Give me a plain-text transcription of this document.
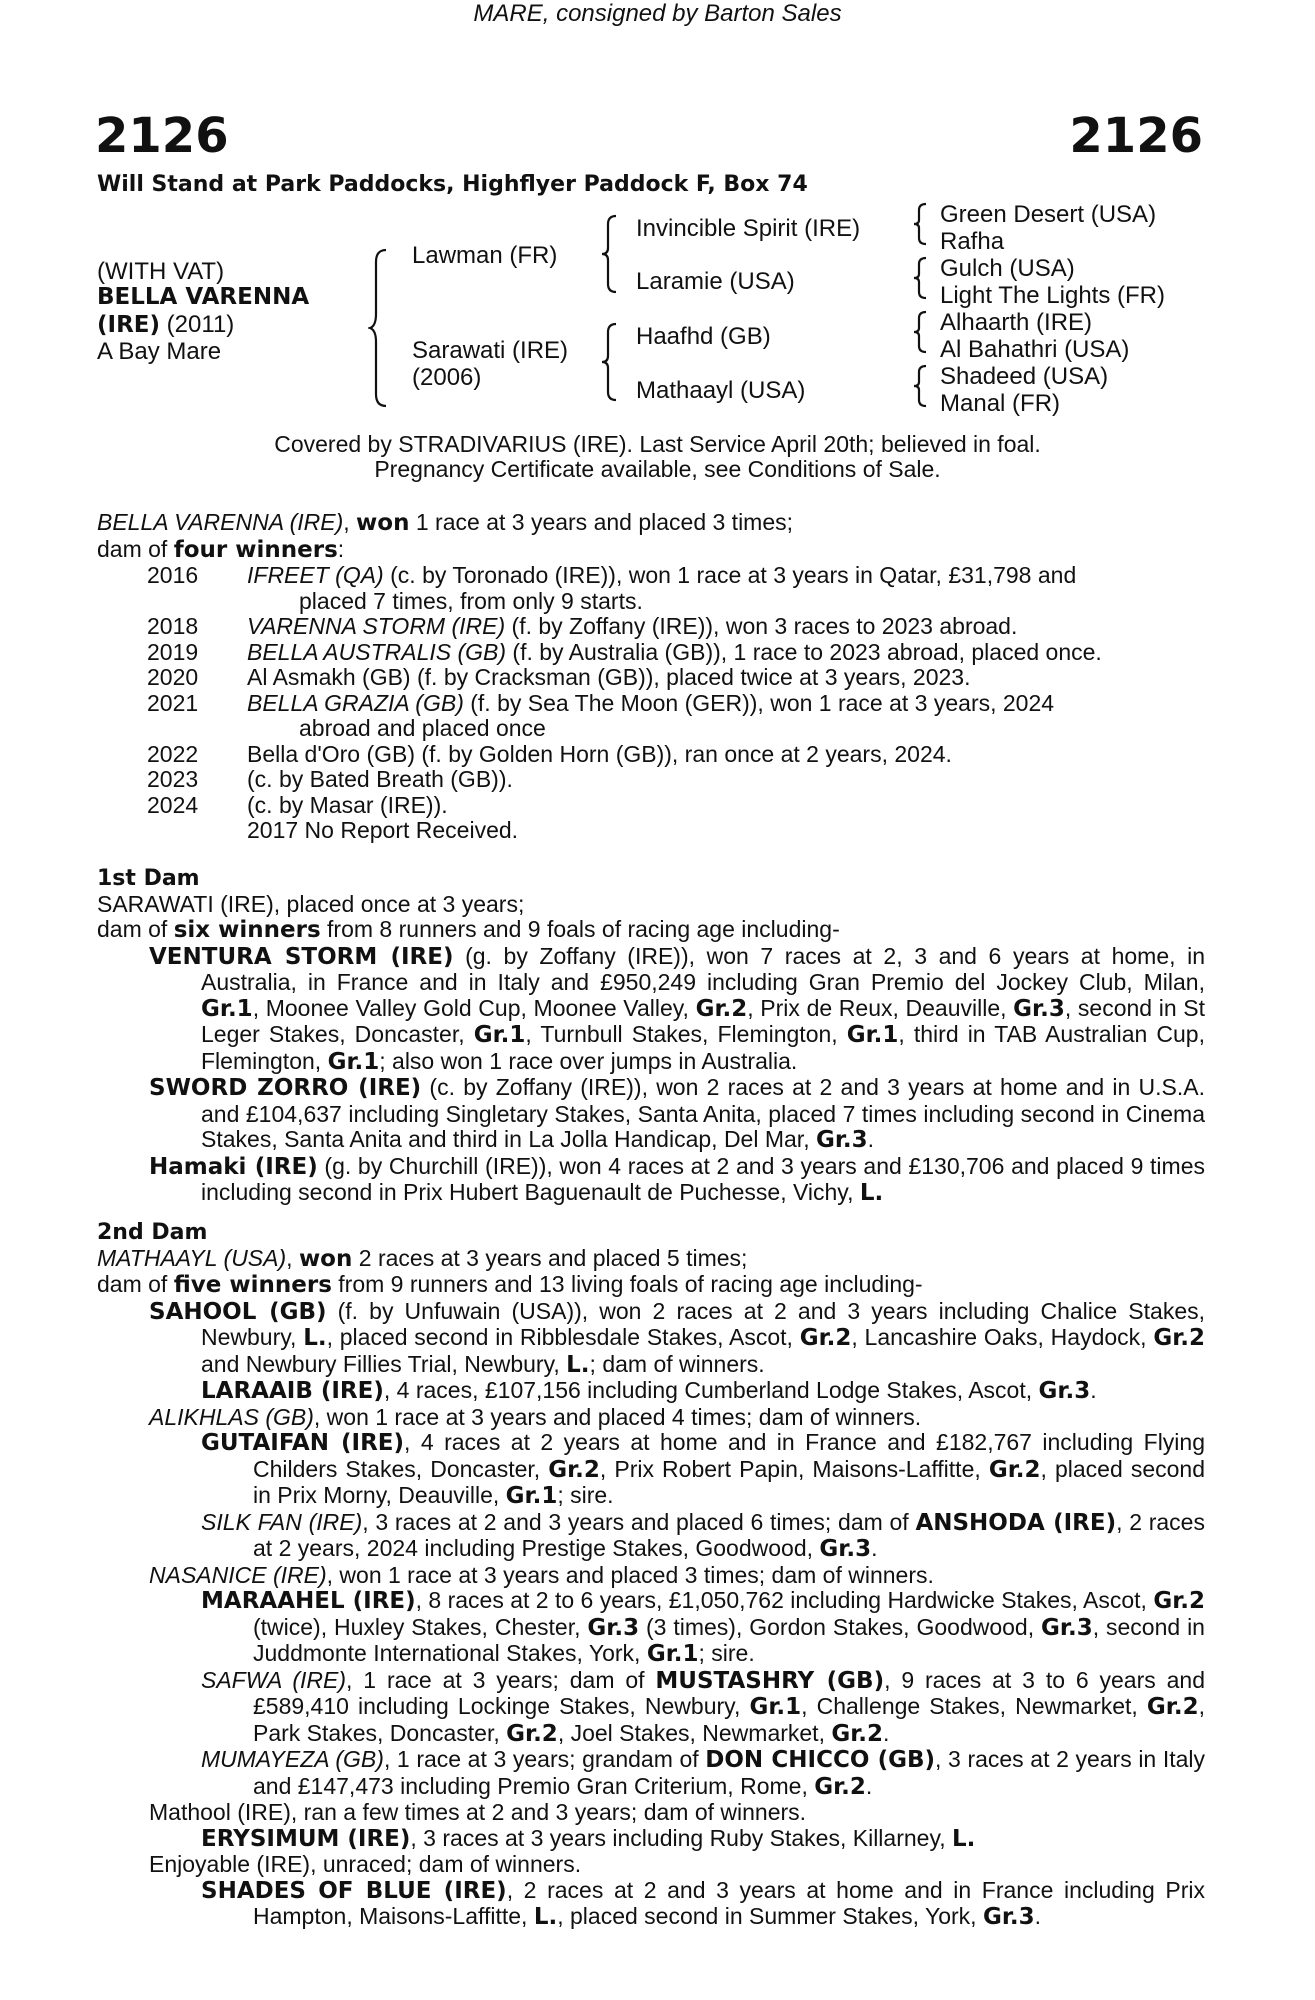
MARE, consigned by Barton Sales
2126	2126
Will Stand at Park Paddocks, Highflyer Paddock F, Box 74
(WITH VAT)
BELLA VARENNA
(IRE) (2011)
A Bay Mare
Lawman (FR)
Sarawati (IRE)
(2006)
Invincible Spirit (IRE)
Laramie (USA)
Haafhd (GB)
Mathaayl (USA)
Green Desert (USA)
Rafha
Gulch (USA)
Light The Lights (FR)
Alhaarth (IRE)
Al Bahathri (USA)
Shadeed (USA)
Manal (FR)
Covered by STRADIVARIUS (IRE). Last Service April 20th; believed in foal.
Pregnancy Certificate available, see Conditions of Sale.

BELLA VARENNA (IRE), won 1 race at 3 years and placed 3 times;

dam of four winners:

2016	IFREET (QA) (c. by Toronado (IRE)), won 1 race at 3 years in Qatar, £31,798 and
placed 7 times, from only 9 starts.
2018	VARENNA STORM (IRE) (f. by Zoffany (IRE)), won 3 races to 2023 abroad.
2019	BELLA AUSTRALIS (GB) (f. by Australia (GB)), 1 race to 2023 abroad, placed once.
2020	Al Asmakh (GB) (f. by Cracksman (GB)), placed twice at 3 years, 2023.
2021	BELLA GRAZIA (GB) (f. by Sea The Moon (GER)), won 1 race at 3 years, 2024
abroad and placed once
2022	Bella d'Oro (GB) (f. by Golden Horn (GB)), ran once at 2 years, 2024.
2023	(c. by Bated Breath (GB)).
2024	(c. by Masar (IRE)).
2017 No Report Received.

1st Dam

SARAWATI (IRE), placed once at 3 years;

dam of six winners from 8 runners and 9 foals of racing age including-

VENTURA STORM (IRE) (g. by Zoffany (IRE)), won 7 races at 2, 3 and 6 years at home, in Australia, in France and in Italy and £950,249 including Gran Premio del Jockey Club, Milan, Gr.1, Moonee Valley Gold Cup, Moonee Valley, Gr.2, Prix de Reux, Deauville, Gr.3, second in St Leger Stakes, Doncaster, Gr.1, Turnbull Stakes, Flemington, Gr.1, third in TAB Australian Cup, Flemington, Gr.1; also won 1 race over jumps in Australia.

SWORD ZORRO (IRE) (c. by Zoffany (IRE)), won 2 races at 2 and 3 years at home and in U.S.A. and £104,637 including Singletary Stakes, Santa Anita, placed 7 times including second in Cinema Stakes, Santa Anita and third in La Jolla Handicap, Del Mar, Gr.3.

Hamaki (IRE) (g. by Churchill (IRE)), won 4 races at 2 and 3 years and £130,706 and placed 9 times including second in Prix Hubert Baguenault de Puchesse, Vichy, L.

2nd Dam

MATHAAYL (USA), won 2 races at 3 years and placed 5 times;

dam of five winners from 9 runners and 13 living foals of racing age including-

SAHOOL (GB) (f. by Unfuwain (USA)), won 2 races at 2 and 3 years including Chalice Stakes, Newbury, L., placed second in Ribblesdale Stakes, Ascot, Gr.2, Lancashire Oaks, Haydock, Gr.2 and Newbury Fillies Trial, Newbury, L.; dam of winners.

LARAAIB (IRE), 4 races, £107,156 including Cumberland Lodge Stakes, Ascot, Gr.3.

ALIKHLAS (GB), won 1 race at 3 years and placed 4 times; dam of winners.

GUTAIFAN (IRE), 4 races at 2 years at home and in France and £182,767 including Flying Childers Stakes, Doncaster, Gr.2, Prix Robert Papin, Maisons-Laffitte, Gr.2, placed second in Prix Morny, Deauville, Gr.1; sire.

SILK FAN (IRE), 3 races at 2 and 3 years and placed 6 times; dam of ANSHODA (IRE), 2 races at 2 years, 2024 including Prestige Stakes, Goodwood, Gr.3.

NASANICE (IRE), won 1 race at 3 years and placed 3 times; dam of winners.

MARAAHEL (IRE), 8 races at 2 to 6 years, £1,050,762 including Hardwicke Stakes, Ascot, Gr.2 (twice), Huxley Stakes, Chester, Gr.3 (3 times), Gordon Stakes, Goodwood, Gr.3, second in Juddmonte International Stakes, York, Gr.1; sire.

SAFWA (IRE), 1 race at 3 years; dam of MUSTASHRY (GB), 9 races at 3 to 6 years and £589,410 including Lockinge Stakes, Newbury, Gr.1, Challenge Stakes, Newmarket, Gr.2, Park Stakes, Doncaster, Gr.2, Joel Stakes, Newmarket, Gr.2.

MUMAYEZA (GB), 1 race at 3 years; grandam of DON CHICCO (GB), 3 races at 2 years in Italy and £147,473 including Premio Gran Criterium, Rome, Gr.2.

Mathool (IRE), ran a few times at 2 and 3 years; dam of winners.

ERYSIMUM (IRE), 3 races at 3 years including Ruby Stakes, Killarney, L.

Enjoyable (IRE), unraced; dam of winners.

SHADES OF BLUE (IRE), 2 races at 2 and 3 years at home and in France including Prix Hampton, Maisons-Laffitte, L., placed second in Summer Stakes, York, Gr.3.
